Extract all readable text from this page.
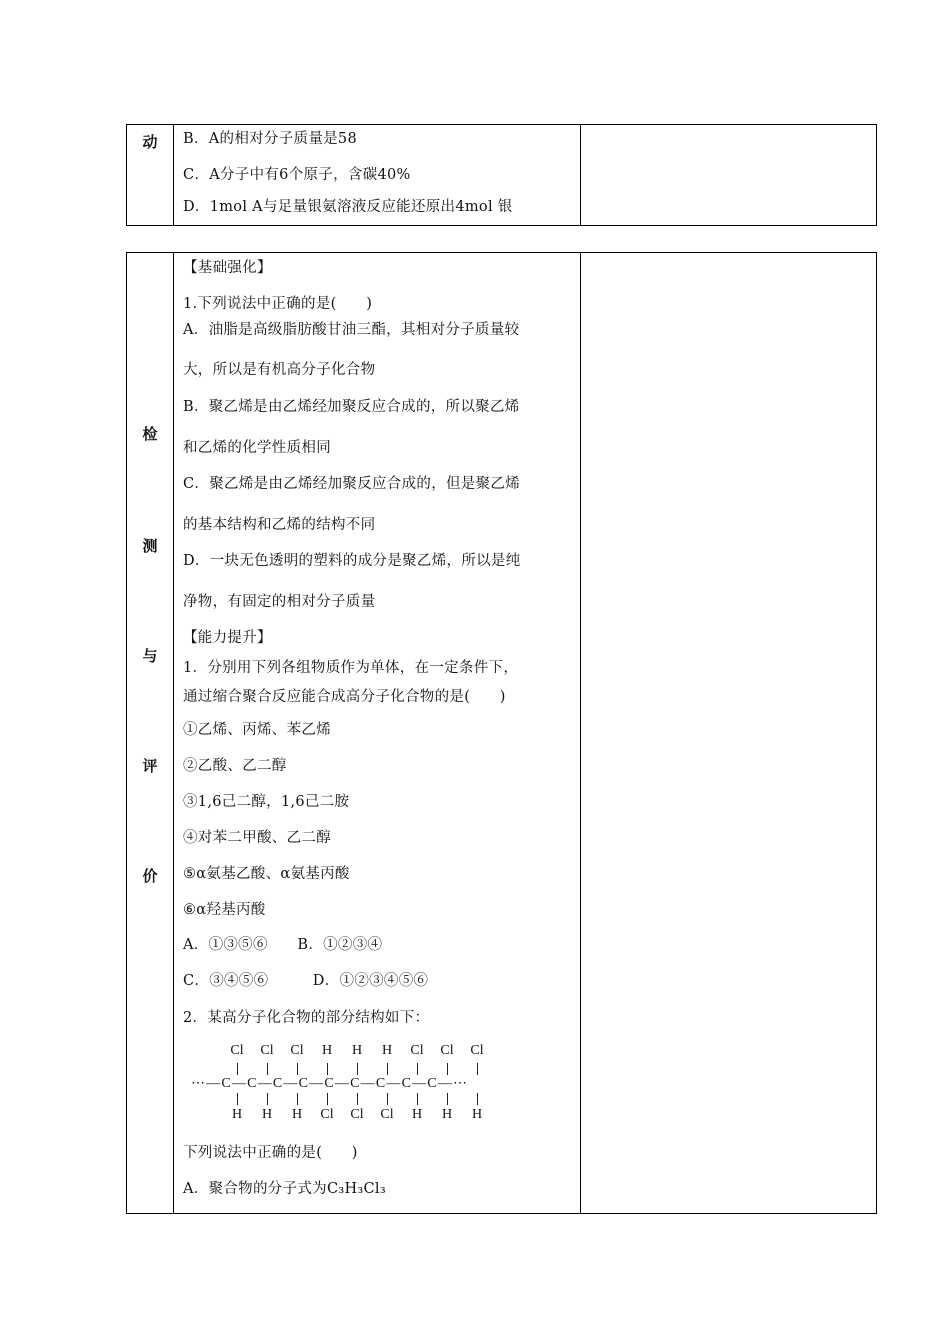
动	B．A的相对分子质量是58
C．A分子中有6个原子，含碳40%
D．1mol A与足量银氨溶液反应能还原出4mol 银
检
测
与
评
价
【基础强化】
1.下列说法中正确的是(　　)
A．油脂是高级脂肪酸甘油三酯，其相对分子质量较
大，所以是有机高分子化合物
B．聚乙烯是由乙烯经加聚反应合成的，所以聚乙烯
和乙烯的化学性质相同
C．聚乙烯是由乙烯经加聚反应合成的，但是聚乙烯
的基本结构和乙烯的结构不同
D．一块无色透明的塑料的成分是聚乙烯，所以是纯
净物，有固定的相对分子质量
【能力提升】
1．分别用下列各组物质作为单体，在一定条件下，
通过缩合聚合反应能合成高分子化合物的是(　　)
①乙烯、丙烯、苯乙烯
②乙酸、乙二醇
③1,6己二醇，1,6己二胺
④对苯二甲酸、乙二醇
⑤α氨基乙酸、α氨基丙酸
⑥α羟基丙酸
A．①③⑤⑥　　B．①②③④
C．③④⑤⑥　　　D．①②③④⑤⑥
2．某高分子化合物的部分结构如下：
Cl	Cl	Cl	H	H	H	Cl	Cl	Cl
⋯—C—C—C—C—C—C—C—C—C—⋯
H	H	H	Cl	Cl	Cl	H	H	H
下列说法中正确的是(　　)
A．聚合物的分子式为C₃H₃Cl₃
